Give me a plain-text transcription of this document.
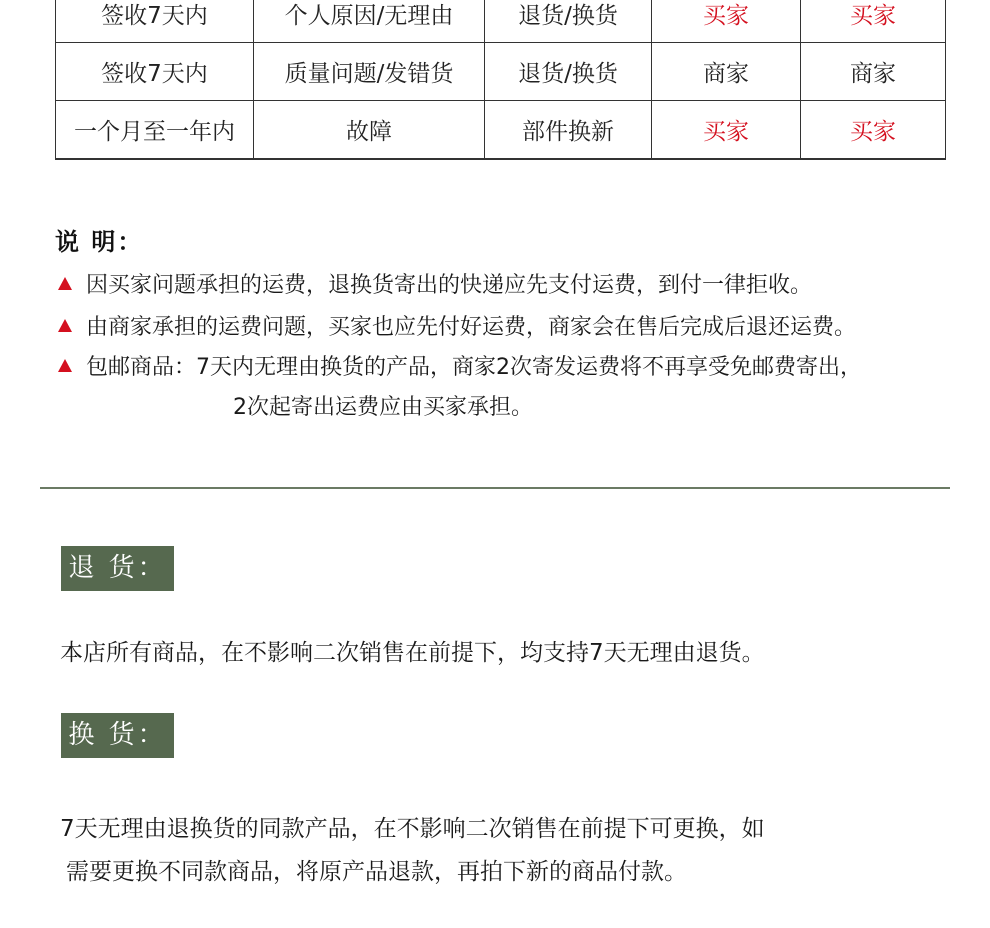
签收7天内	个人原因/无理由	退货/换货	买家	买家
签收7天内	质量问题/发错货	退货/换货	商家	商家
一个月至一年内	故障	部件换新	买家	买家
说 明：
因买家问题承担的运费，退换货寄出的快递应先支付运费，到付一律拒收。
由商家承担的运费问题，买家也应先付好运费，商家会在售后完成后退还运费。
包邮商品：7天内无理由换货的产品，商家2次寄发运费将不再享受免邮费寄出，
2次起寄出运费应由买家承担。
退 货：
本店所有商品，在不影响二次销售在前提下，均支持7天无理由退货。
换 货：
7天无理由退换货的同款产品，在不影响二次销售在前提下可更换，如
需要更换不同款商品，将原产品退款，再拍下新的商品付款。
